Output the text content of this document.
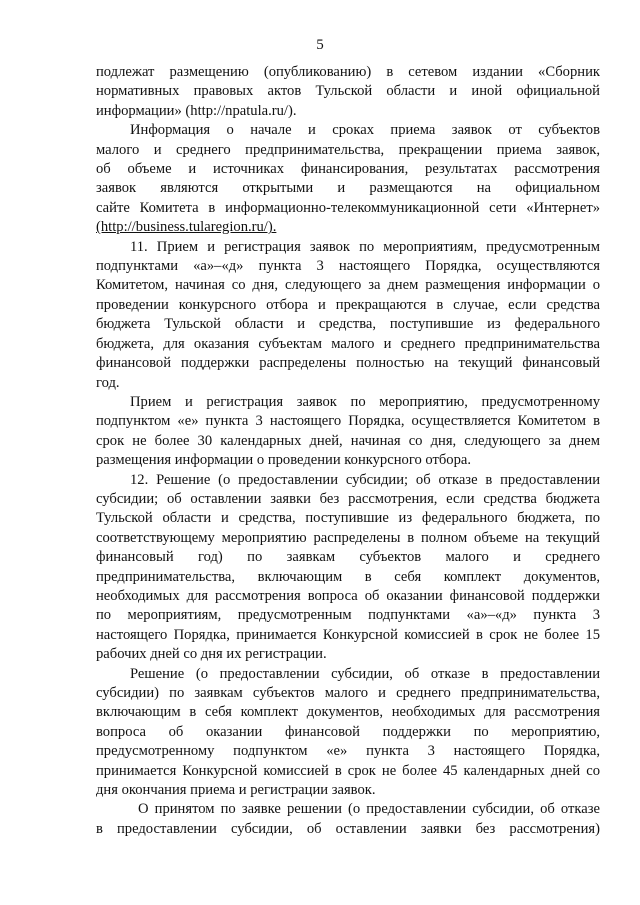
5

подлежат размещению (опубликованию) в сетевом издании «Сборник
нормативных правовых актов Тульской области и иной официальной
информации» (http://npatula.ru/).

Информация о начале и сроках приема заявок от субъектов
малого и среднего предпринимательства, прекращении приема заявок,
об объеме и источниках финансирования, результатах рассмотрения
заявок являются открытыми и размещаются на официальном
сайте Комитета в информационно-телекоммуникационной сети «Интернет»
(http://business.tularegion.ru/).

11. Прием и регистрация заявок по мероприятиям, предусмотренным
подпунктами «а»–«д» пункта 3 настоящего Порядка, осуществляются
Комитетом, начиная со дня, следующего за днем размещения информации о
проведении конкурсного отбора и прекращаются в случае, если средства
бюджета Тульской области и средства, поступившие из федерального
бюджета, для оказания субъектам малого и среднего предпринимательства
финансовой поддержки распределены полностью на текущий финансовый
год.

Прием и регистрация заявок по мероприятию, предусмотренному
подпунктом «е» пункта 3 настоящего Порядка, осуществляется Комитетом в
срок не более 30 календарных дней, начиная со дня, следующего за днем
размещения информации о проведении конкурсного отбора.

12. Решение (о предоставлении субсидии; об отказе в предоставлении
субсидии; об оставлении заявки без рассмотрения, если средства бюджета
Тульской области и средства, поступившие из федерального бюджета, по
соответствующему мероприятию распределены в полном объеме на текущий
финансовый год) по заявкам субъектов малого и среднего
предпринимательства, включающим в себя комплект документов,
необходимых для рассмотрения вопроса об оказании финансовой поддержки
по мероприятиям, предусмотренным подпунктами «а»–«д» пункта 3
настоящего Порядка, принимается Конкурсной комиссией в срок не более 15
рабочих дней со дня их регистрации.

Решение (о предоставлении субсидии, об отказе в предоставлении
субсидии) по заявкам субъектов малого и среднего предпринимательства,
включающим в себя комплект документов, необходимых для рассмотрения
вопроса об оказании финансовой поддержки по мероприятию,
предусмотренному подпунктом «е» пункта 3 настоящего Порядка,
принимается Конкурсной комиссией в срок не более 45 календарных дней со
дня окончания приема и регистрации заявок.

О принятом по заявке решении (о предоставлении субсидии, об отказе
в предоставлении субсидии, об оставлении заявки без рассмотрения)
